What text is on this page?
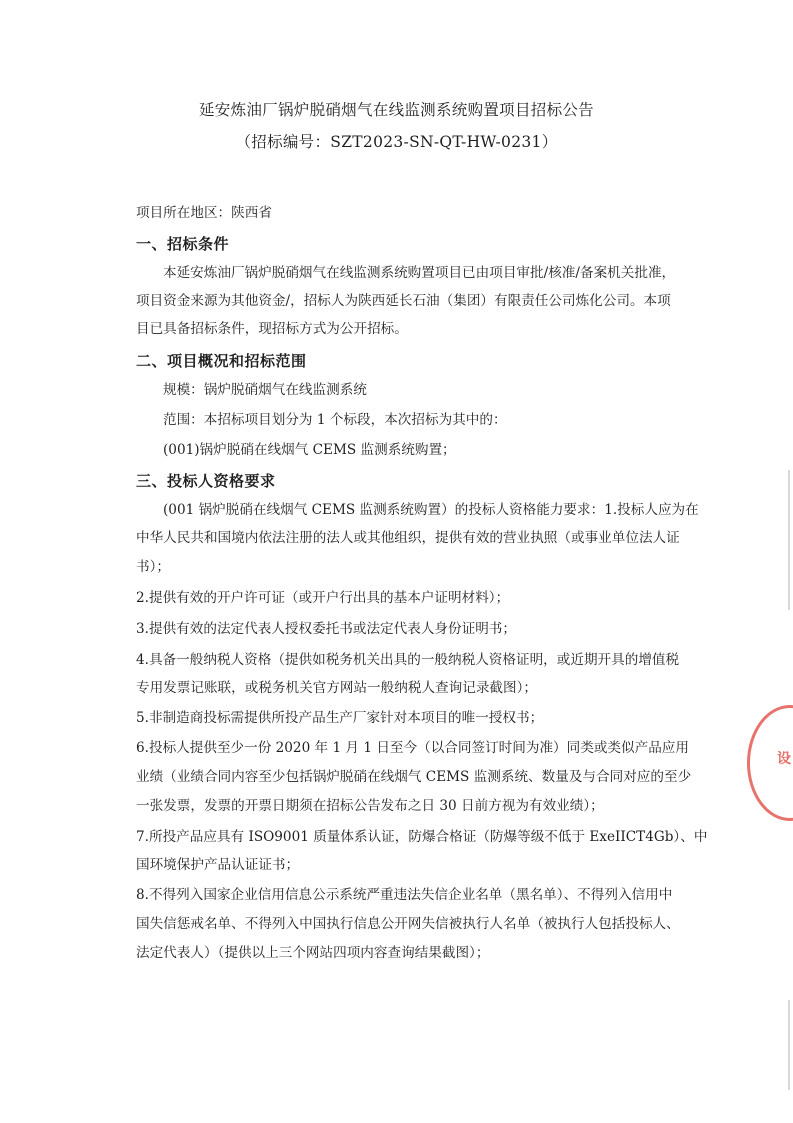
延安炼油厂锅炉脱硝烟气在线监测系统购置项目招标公告
（招标编号：SZT2023-SN-QT-HW-0231）
项目所在地区：陕西省
一、招标条件
本延安炼油厂锅炉脱硝烟气在线监测系统购置项目已由项目审批/核准/备案机关批准，
项目资金来源为其他资金/，招标人为陕西延长石油（集团）有限责任公司炼化公司。本项
目已具备招标条件，现招标方式为公开招标。
二、项目概况和招标范围
规模：锅炉脱硝烟气在线监测系统
范围：本招标项目划分为 1 个标段，本次招标为其中的：
(001)锅炉脱硝在线烟气 CEMS 监测系统购置；
三、投标人资格要求
(001 锅炉脱硝在线烟气 CEMS 监测系统购置）的投标人资格能力要求：1.投标人应为在
中华人民共和国境内依法注册的法人或其他组织，提供有效的营业执照（或事业单位法人证
书）；
2.提供有效的开户许可证（或开户行出具的基本户证明材料）；
3.提供有效的法定代表人授权委托书或法定代表人身份证明书；
4.具备一般纳税人资格（提供如税务机关出具的一般纳税人资格证明，或近期开具的增值税
专用发票记账联，或税务机关官方网站一般纳税人查询记录截图）；
5.非制造商投标需提供所投产品生产厂家针对本项目的唯一授权书；
6.投标人提供至少一份 2020 年 1 月 1 日至今（以合同签订时间为准）同类或类似产品应用
业绩（业绩合同内容至少包括锅炉脱硝在线烟气 CEMS 监测系统、数量及与合同对应的至少
一张发票，发票的开票日期须在招标公告发布之日 30 日前方视为有效业绩）；
7.所投产品应具有 ISO9001 质量体系认证，防爆合格证（防爆等级不低于 ExeIICT4Gb）、中
国环境保护产品认证证书；
8.不得列入国家企业信用信息公示系统严重违法失信企业名单（黑名单）、不得列入信用中
国失信惩戒名单、不得列入中国执行信息公开网失信被执行人名单（被执行人包括投标人、
法定代表人）（提供以上三个网站四项内容查询结果截图）；
设
